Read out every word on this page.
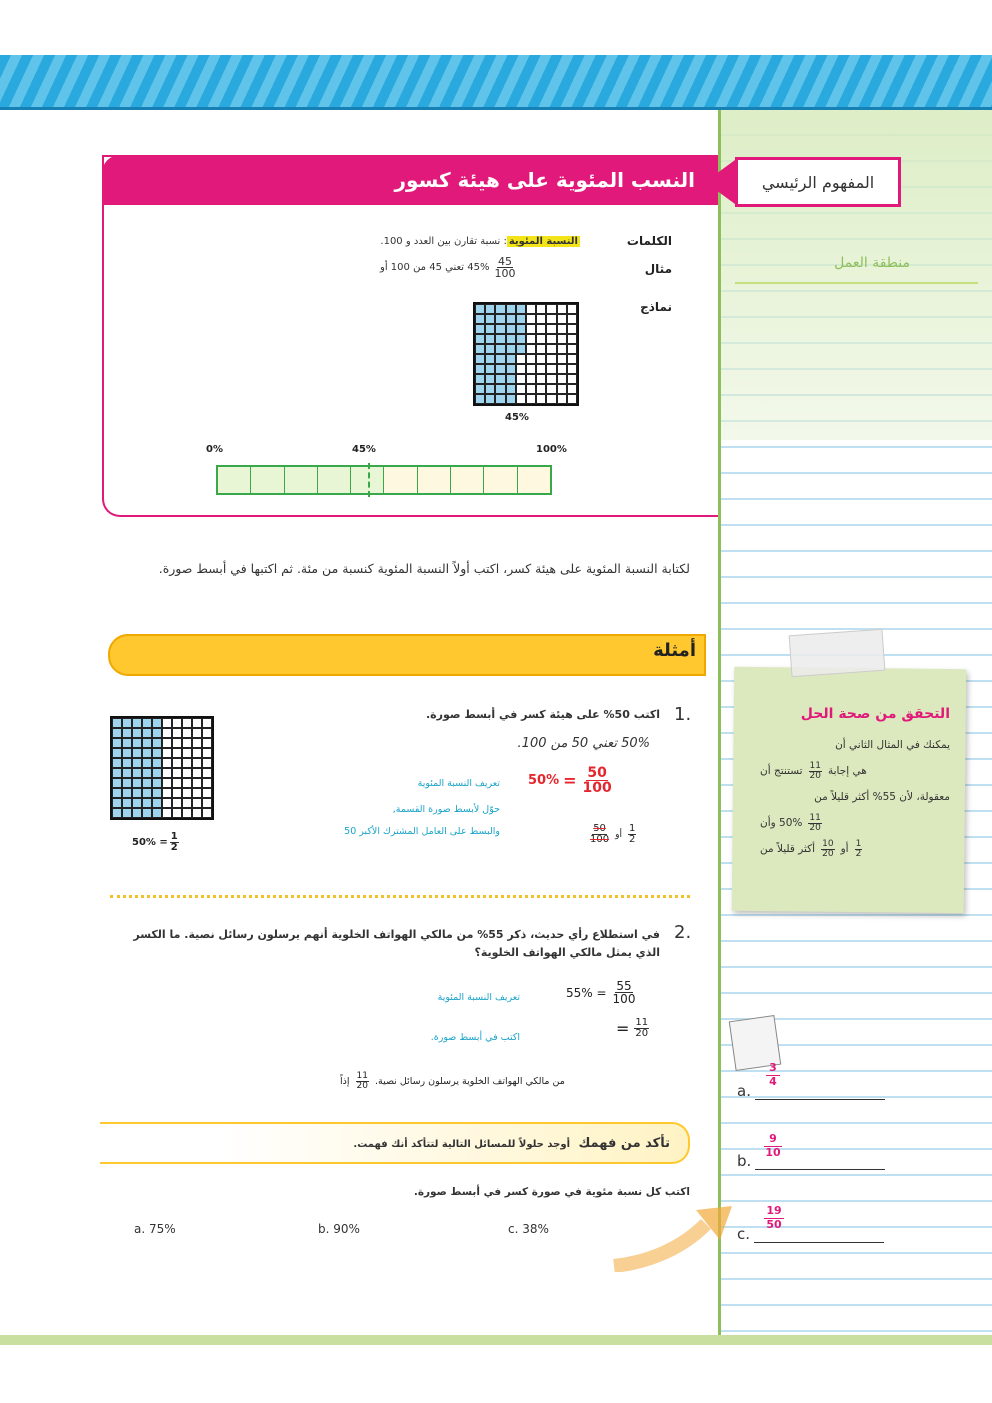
النسب المئوية على هيئة كسور	المفهوم الرئيسي
الكلمات
مثال
نماذج
النسبة المئوية: نسبة تقارن بين العدد و 100.
45% تعني 45 من 100 أو $\frac{45}{100}$
45%
0%	45%	100%
لكتابة النسبة المئوية على هيئة كسر، اكتب أولاً النسبة المئوية كنسبة من مئة. ثم اكتبها في أبسط صورة.
أمثلة
1.
اكتب 50% على هيئة كسر في أبسط صورة.
50% تعني 50 من 100.
$50\% = \frac{1}{2}$
$50\% = \frac{50}{100}$
تعريف النسبة المئوية
حوّل لأبسط صورة القسمة,
والبسط على العامل المشترك الأكبر 50	$\frac{1}{2}$
أو
$\frac{50}{100}$
2.
في استطلاع رأي حديث، ذكر 55% من مالكي الهواتف الخلوية أنهم يرسلون رسائل نصية. ما الكسر الذي يمثل مالكي الهواتف الخلوية؟
$55\% = \frac{55}{100}$
تعريف النسبة المئوية
= $\frac{11}{20}$
اكتب في أبسط صورة.
إذاً $\frac{11}{20}$ من مالكي الهواتف الخلوية يرسلون رسائل نصية.
تأكد من فهمك
أوجد حلولاً للمسائل التالية لتتأكد أنك فهمت.
اكتب كل نسبة مئوية في صورة كسر في أبسط صورة.
a. 75%	b. 90%	c. 38%
منطقة العمل
التحقق من صحة الحل
يمكنك في المثال الثاني أن
تستنتج أن $\frac{11}{20}$ هي إجابة
معقولة، لأن 55% أكثر قليلاً من
50% وأن $\frac{11}{20}$
أكثر قليلاً من $\frac{10}{20}$ أو $\frac{1}{2}$
a.
3
4
b.
9
10
c.
19
50
